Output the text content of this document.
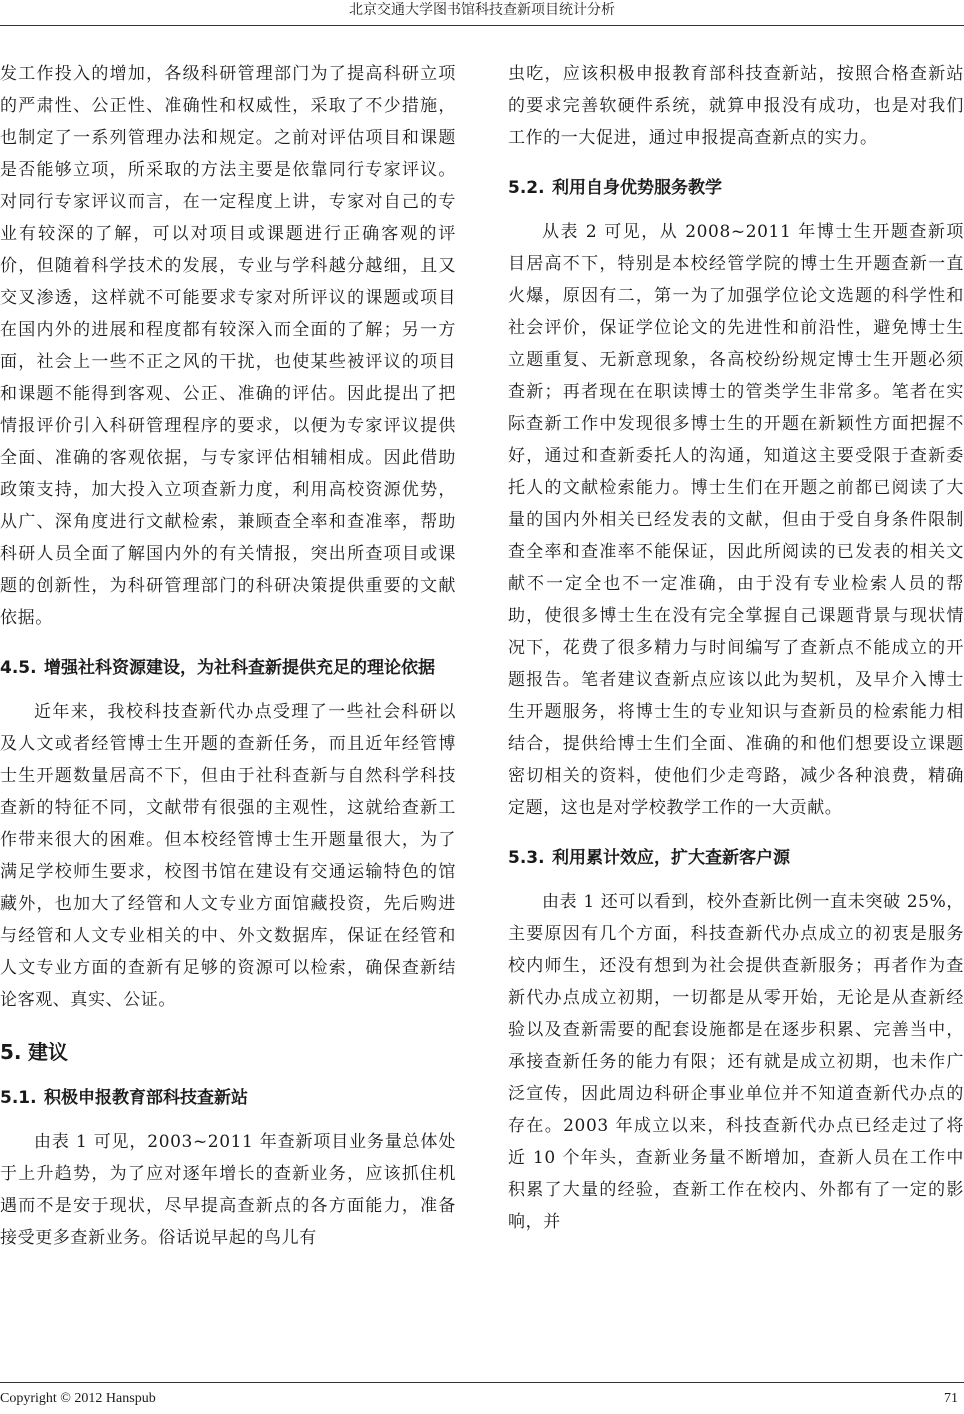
北京交通大学图书馆科技查新项目统计分析

发工作投入的增加，各级科研管理部门为了提高科研立项的严肃性、公正性、准确性和权威性，采取了不少措施，也制定了一系列管理办法和规定。之前对评估项目和课题是否能够立项，所采取的方法主要是依靠同行专家评议。对同行专家评议而言，在一定程度上讲，专家对自己的专业有较深的了解，可以对项目或课题进行正确客观的评价，但随着科学技术的发展，专业与学科越分越细，且又交叉渗透，这样就不可能要求专家对所评议的课题或项目在国内外的进展和程度都有较深入而全面的了解；另一方面，社会上一些不正之风的干扰，也使某些被评议的项目和课题不能得到客观、公正、准确的评估。因此提出了把情报评价引入科研管理程序的要求，以便为专家评议提供全面、准确的客观依据，与专家评估相辅相成。因此借助政策支持，加大投入立项查新力度，利用高校资源优势，从广、深角度进行文献检索，兼顾查全率和查准率，帮助科研人员全面了解国内外的有关情报，突出所查项目或课题的创新性，为科研管理部门的科研决策提供重要的文献依据。

4.5. 增强社科资源建设，为社科查新提供充足的理论依据

近年来，我校科技查新代办点受理了一些社会科研以及人文或者经管博士生开题的查新任务，而且近年经管博士生开题数量居高不下，但由于社科查新与自然科学科技查新的特征不同，文献带有很强的主观性，这就给查新工作带来很大的困难。但本校经管博士生开题量很大，为了满足学校师生要求，校图书馆在建设有交通运输特色的馆藏外，也加大了经管和人文专业方面馆藏投资，先后购进与经管和人文专业相关的中、外文数据库，保证在经管和人文专业方面的查新有足够的资源可以检索，确保查新结论客观、真实、公证。

5. 建议
5.1. 积极申报教育部科技查新站

由表 1 可见，2003~2011 年查新项目业务量总体处于上升趋势，为了应对逐年增长的查新业务，应该抓住机遇而不是安于现状，尽早提高查新点的各方面能力，准备接受更多查新业务。俗话说早起的鸟儿有

虫吃，应该积极申报教育部科技查新站，按照合格查新站的要求完善软硬件系统，就算申报没有成功，也是对我们工作的一大促进，通过申报提高查新点的实力。

5.2. 利用自身优势服务教学

从表 2 可见，从 2008~2011 年博士生开题查新项目居高不下，特别是本校经管学院的博士生开题查新一直火爆，原因有二，第一为了加强学位论文选题的科学性和社会评价，保证学位论文的先进性和前沿性，避免博士生立题重复、无新意现象，各高校纷纷规定博士生开题必须查新；再者现在在职读博士的管类学生非常多。笔者在实际查新工作中发现很多博士生的开题在新颖性方面把握不好，通过和查新委托人的沟通，知道这主要受限于查新委托人的文献检索能力。博士生们在开题之前都已阅读了大量的国内外相关已经发表的文献，但由于受自身条件限制查全率和查准率不能保证，因此所阅读的已发表的相关文献不一定全也不一定准确，由于没有专业检索人员的帮助，使很多博士生在没有完全掌握自己课题背景与现状情况下，花费了很多精力与时间编写了查新点不能成立的开题报告。笔者建议查新点应该以此为契机，及早介入博士生开题服务，将博士生的专业知识与查新员的检索能力相结合，提供给博士生们全面、准确的和他们想要设立课题密切相关的资料，使他们少走弯路，减少各种浪费，精确定题，这也是对学校教学工作的一大贡献。

5.3. 利用累计效应，扩大查新客户源

由表 1 还可以看到，校外查新比例一直未突破 25%，主要原因有几个方面，科技查新代办点成立的初衷是服务校内师生，还没有想到为社会提供查新服务；再者作为查新代办点成立初期，一切都是从零开始，无论是从查新经验以及查新需要的配套设施都是在逐步积累、完善当中，承接查新任务的能力有限；还有就是成立初期，也未作广泛宣传，因此周边科研企事业单位并不知道查新代办点的存在。2003 年成立以来，科技查新代办点已经走过了将近 10 个年头，查新业务量不断增加，查新人员在工作中积累了大量的经验，查新工作在校内、外都有了一定的影响，并

Copyright © 2012 Hanspub	71
